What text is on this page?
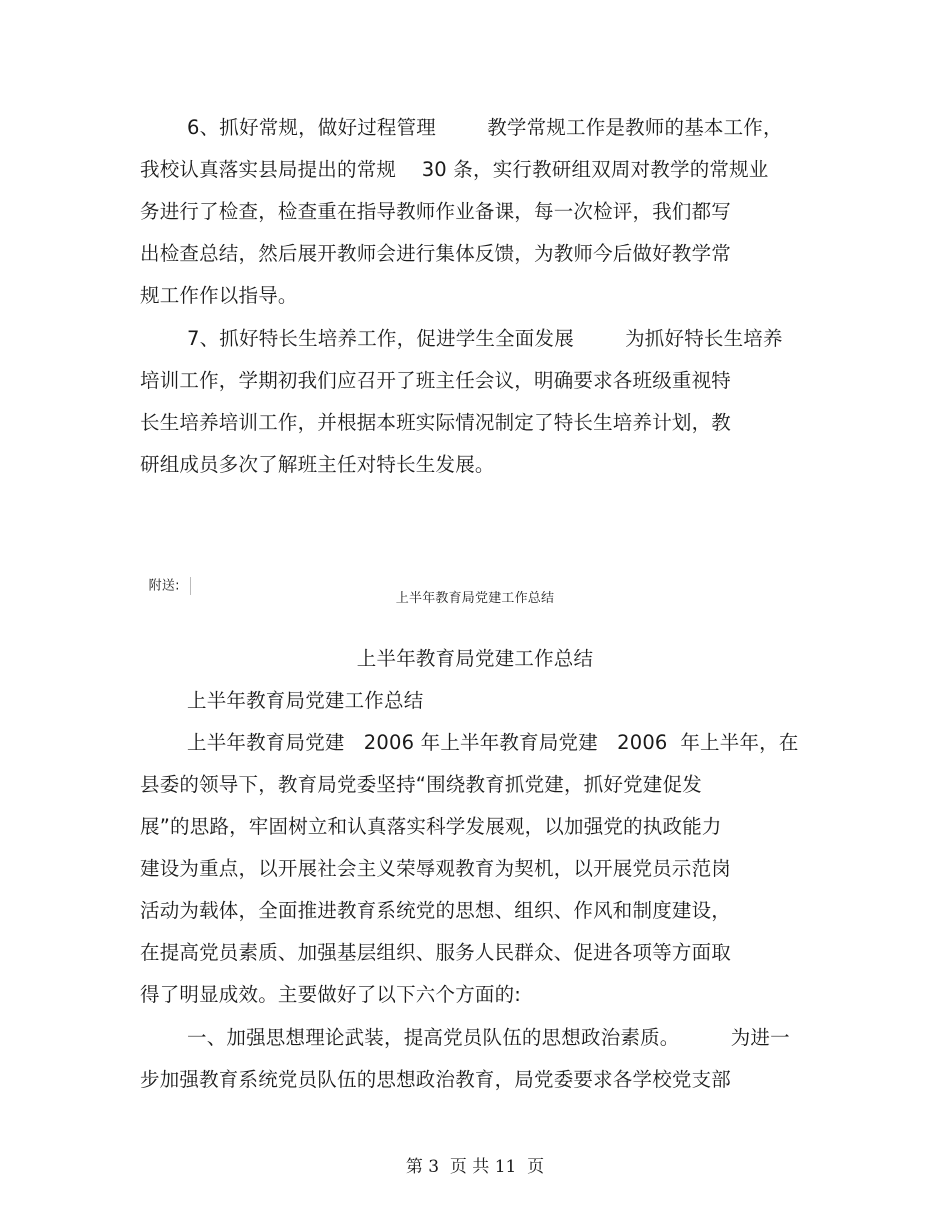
6、抓好常规，做好过程管理        教学常规工作是教师的基本工作，
我校认真落实县局提出的常规    30 条，实行教研组双周对教学的常规业
务进行了检查，检查重在指导教师作业备课，每一次检评，我们都写
出检查总结，然后展开教师会进行集体反馈，为教师今后做好教学常
规工作作以指导。
7、抓好特长生培养工作，促进学生全面发展        为抓好特长生培养
培训工作，学期初我们应召开了班主任会议，明确要求各班级重视特
长生培养培训工作，并根据本班实际情况制定了特长生培养计划，教
研组成员多次了解班主任对特长生发展。

附送:

上半年教育局党建工作总结
上半年教育局党建工作总结
上半年教育局党建工作总结
上半年教育局党建   2006 年上半年教育局党建   2006  年上半年，在
县委的领导下，教育局党委坚持“围绕教育抓党建，抓好党建促发
展”的思路，牢固树立和认真落实科学发展观，以加强党的执政能力
建设为重点，以开展社会主义荣辱观教育为契机，以开展党员示范岗
活动为载体，全面推进教育系统党的思想、组织、作风和制度建设，
在提高党员素质、加强基层组织、服务人民群众、促进各项等方面取
得了明显成效。主要做好了以下六个方面的:
一、加强思想理论武装，提高党员队伍的思想政治素质。        为进一
步加强教育系统党员队伍的思想政治教育，局党委要求各学校党支部
第 3  页 共 11  页
